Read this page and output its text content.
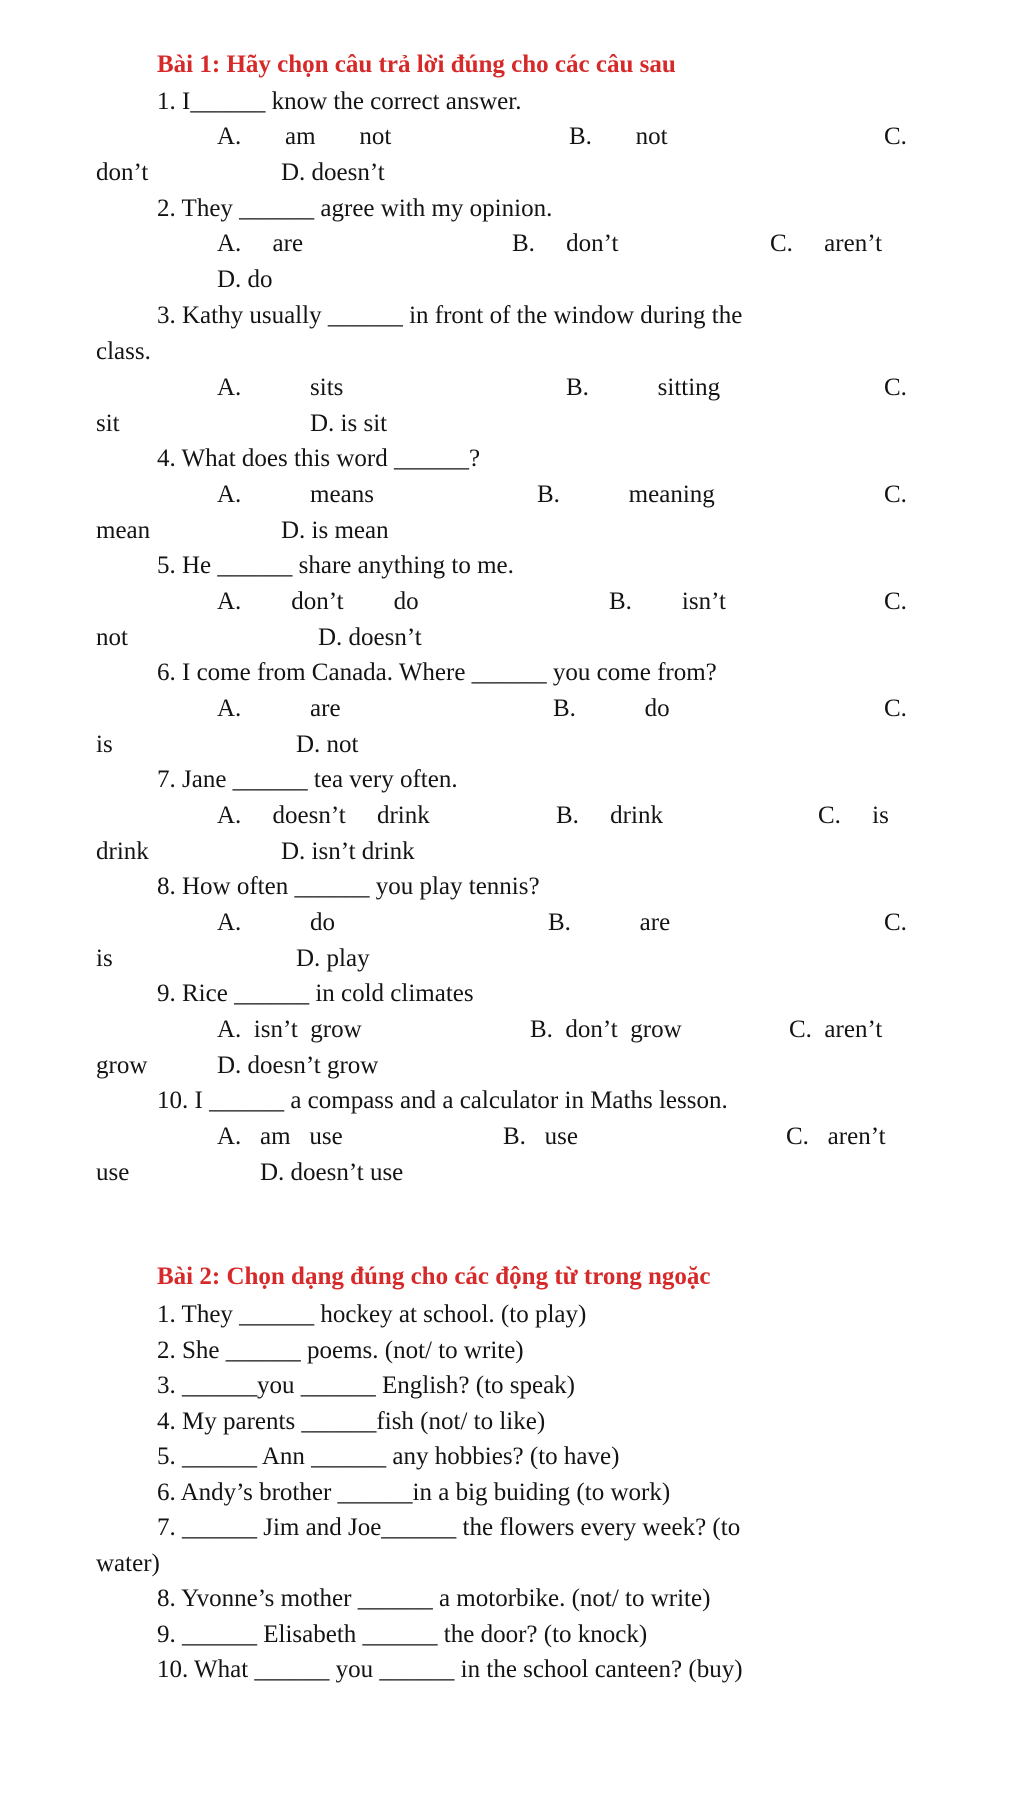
Bài 1: Hãy chọn câu trả lời đúng cho các câu sau
1. I______ know the correct answer.
A.       am       not	B.       not	C.
don’t	D. doesn’t
2. They ______ agree with my opinion.
A.     are	B.     don’t	C.     aren’t
D. do
3. Kathy usually ______ in front of the window during the
class.
A.           sits	B.           sitting	C.
sit	D. is sit
4. What does this word ______?
A.           means	B.           meaning	C.
mean	D. is mean
5. He ______ share anything to me.
A.        don’t        do	B.        isn’t	C.
not	D. doesn’t
6. I come from Canada. Where ______ you come from?
A.           are	B.           do	C.
is	D. not
7. Jane ______ tea very often.
A.     doesn’t     drink	B.     drink	C.     is
drink	D. isn’t drink
8. How often ______ you play tennis?
A.           do	B.           are	C.
is	D. play
9. Rice ______ in cold climates
A.  isn’t  grow	B.  don’t  grow	C.  aren’t
grow	D. doesn’t grow
10. I ______ a compass and a calculator in Maths lesson.
A.   am   use	B.   use	C.   aren’t
use	D. doesn’t use
Bài 2: Chọn dạng đúng cho các động từ trong ngoặc
1. They ______ hockey at school. (to play)
2. She ______ poems. (not/ to write)
3. ______you ______ English? (to speak)
4. My parents ______fish (not/ to like)
5. ______ Ann ______ any hobbies? (to have)
6. Andy’s brother ______in a big buiding (to work)
7. ______ Jim and Joe______ the flowers every week? (to
water)
8. Yvonne’s mother ______ a motorbike. (not/ to write)
9. ______ Elisabeth ______ the door? (to knock)
10. What ______ you ______ in the school canteen? (buy)
